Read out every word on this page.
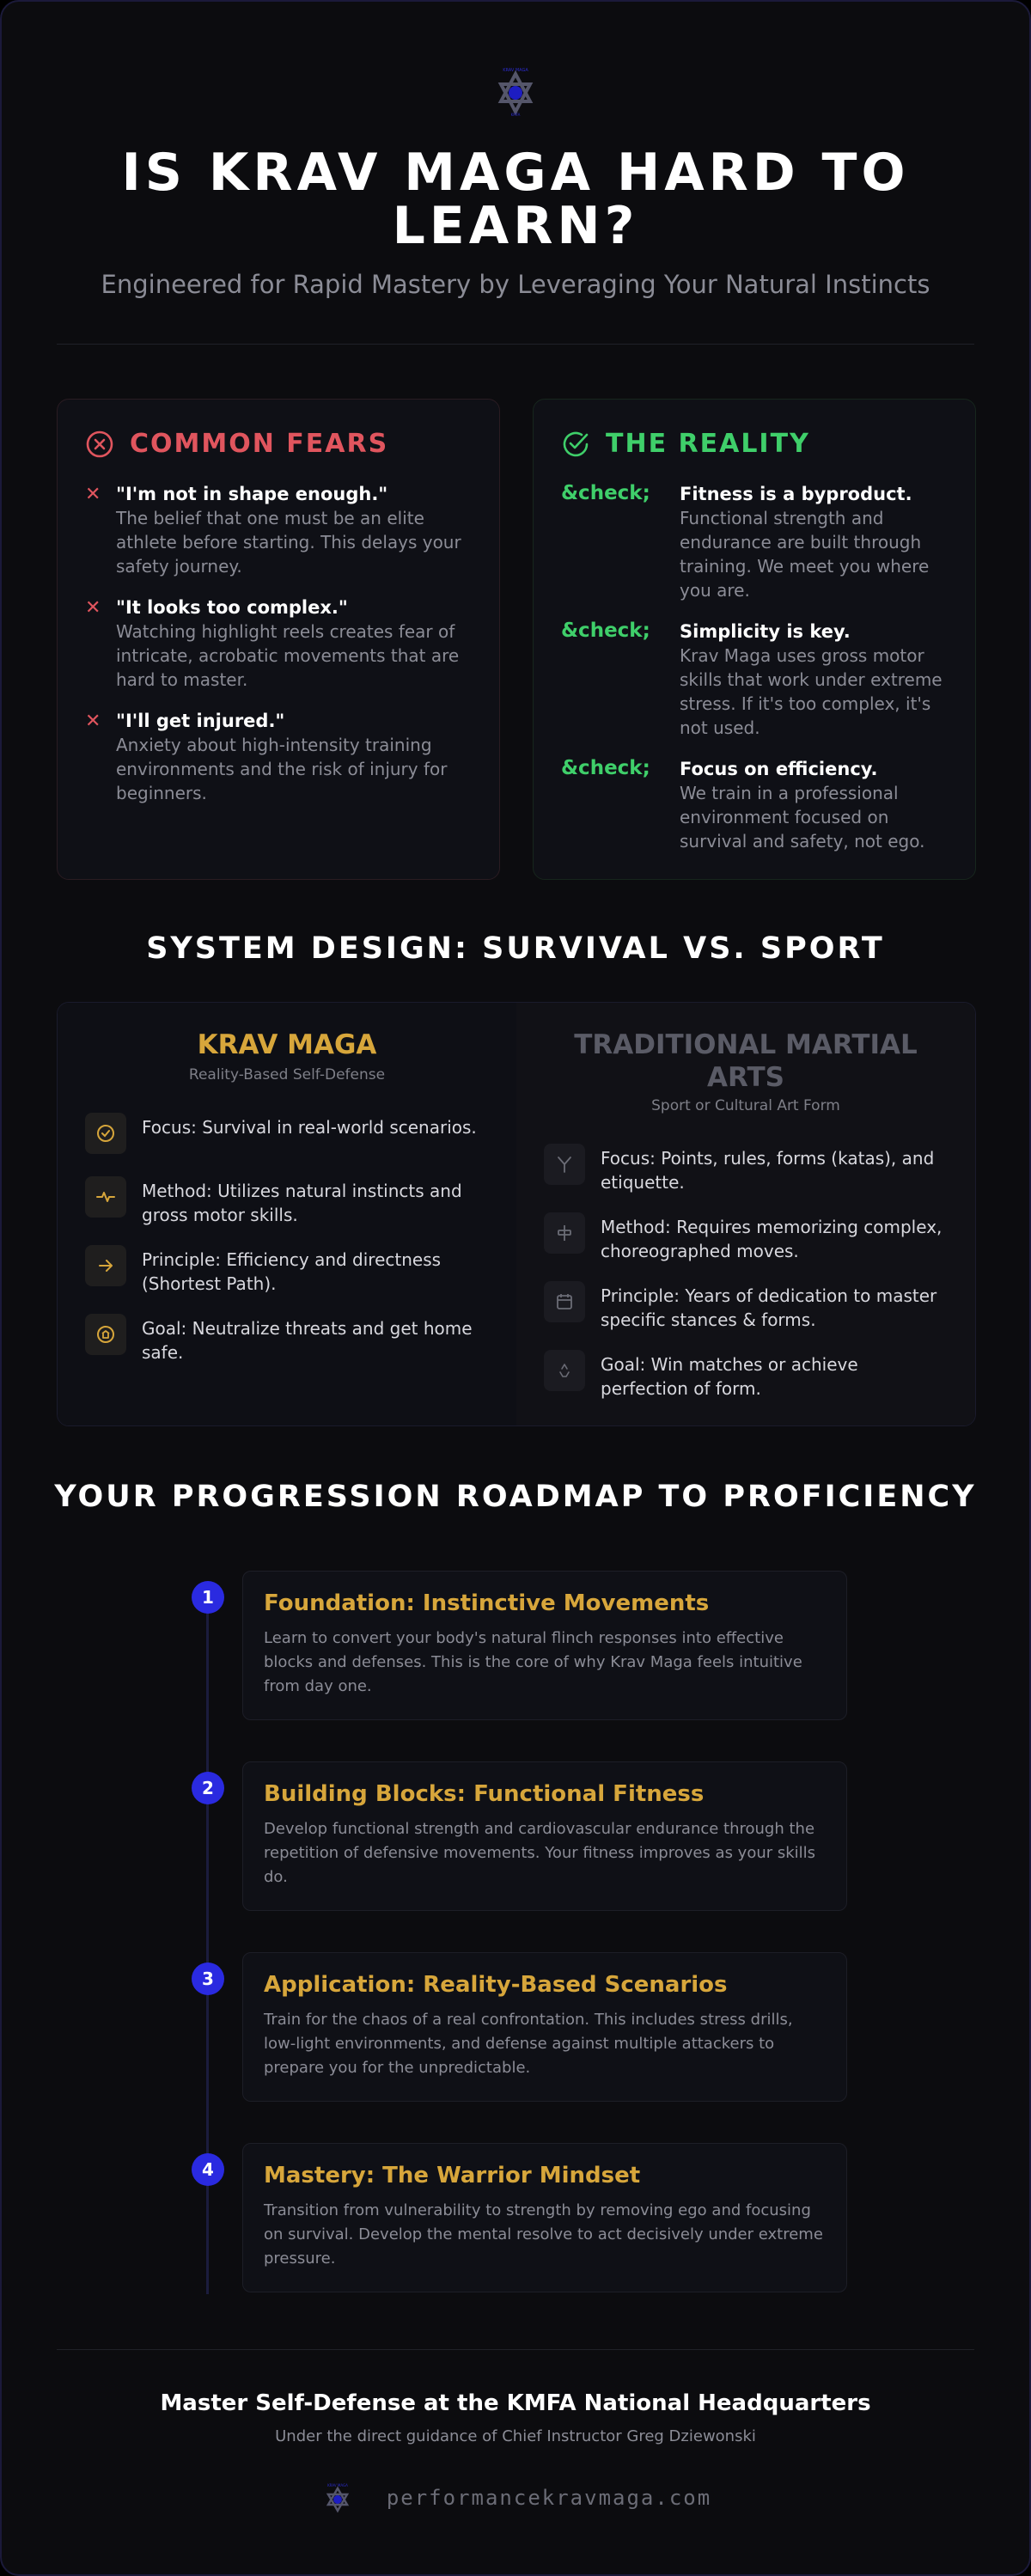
KRAV MAGA
KMFA
IS KRAV MAGA HARD TO LEARN?
Engineered for Rapid Mastery by Leveraging Your Natural Instincts
COMMON FEARS
✕ "I'm not in shape enough."
The belief that one must be an elite athlete before starting. This delays your safety journey.
✕ "It looks too complex."
Watching highlight reels creates fear of intricate, acrobatic movements that are hard to master.
✕ "I'll get injured."
Anxiety about high-intensity training environments and the risk of injury for beginners.
THE REALITY
&check;	Fitness is a byproduct.
Functional strength and endurance are built through training. We meet you where you are.
&check;	Simplicity is key.
Krav Maga uses gross motor skills that work under extreme stress. If it's too complex, it's not used.
&check;	Focus on efficiency.
We train in a professional environment focused on survival and safety, not ego.
SYSTEM DESIGN: SURVIVAL VS. SPORT
KRAV MAGA
Reality-Based Self-Defense
Focus: Survival in real-world scenarios.
Method: Utilizes natural instincts and gross motor skills.
Principle: Efficiency and directness (Shortest Path).
Goal: Neutralize threats and get home safe.
TRADITIONAL MARTIAL ARTS
Sport or Cultural Art Form
Focus: Points, rules, forms (katas), and etiquette.
Method: Requires memorizing complex, choreographed moves.
Principle: Years of dedication to master specific stances & forms.
Goal: Win matches or achieve perfection of form.
YOUR PROGRESSION ROADMAP TO PROFICIENCY
1	Foundation: Instinctive Movements
Learn to convert your body's natural flinch responses into effective blocks and defenses. This is the core of why Krav Maga feels intuitive from day one.
2	Building Blocks: Functional Fitness
Develop functional strength and cardiovascular endurance through the repetition of defensive movements. Your fitness improves as your skills do.
3	Application: Reality-Based Scenarios
Train for the chaos of a real confrontation. This includes stress drills, low-light environments, and defense against multiple attackers to prepare you for the unpredictable.
4	Mastery: The Warrior Mindset
Transition from vulnerability to strength by removing ego and focusing on survival. Develop the mental resolve to act decisively under extreme pressure.
Master Self-Defense at the KMFA National Headquarters
Under the direct guidance of Chief Instructor Greg Dziewonski
KRAV MAGA
performancekravmaga.com
